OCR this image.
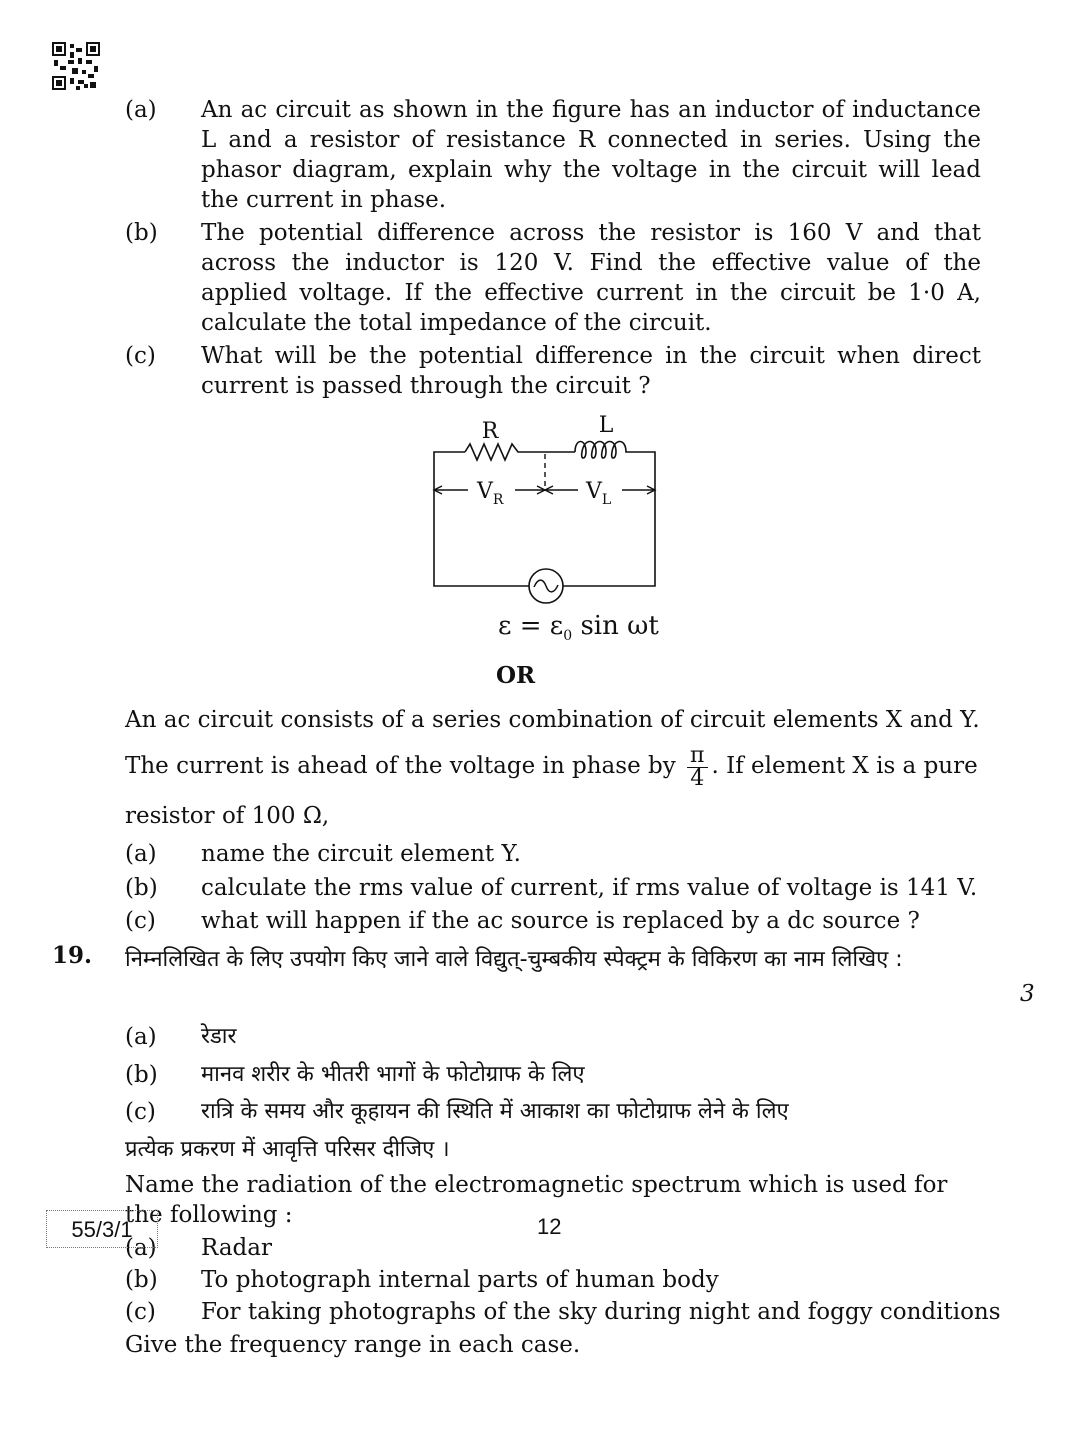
(a)	An ac circuit as shown in the figure has an inductor of inductance L and a resistor of resistance R connected in series. Using the phasor diagram, explain why the voltage in the circuit will lead the current in phase.
(b)	The potential difference across the resistor is 160 V and that across the inductor is 120 V. Find the effective value of the applied voltage. If the effective current in the circuit be 1·0 A, calculate the total impedance of the circuit.
(c)	What will be the potential difference in the circuit when direct current is passed through the circuit ?
R	L
$V_R$	$V_L$
$\varepsilon = \varepsilon_0$ sin ωt
OR
An ac circuit consists of a series combination of circuit elements X and Y.
The current is ahead of the voltage in phase by $\frac{\pi}{4}$ . If element X is a pure
resistor of 100 Ω,
(a)	name the circuit element Y.
(b)	calculate the rms value of current, if rms value of voltage is 141 V.
(c)	what will happen if the ac source is replaced by a dc source ?
19.
3
निम्नलिखित के लिए उपयोग किए जाने वाले विद्युत्-चुम्बकीय स्पेक्ट्रम के विकिरण का नाम लिखिए :
(a)	रेडार
(b)	मानव शरीर के भीतरी भागों के फोटोग्राफ के लिए
(c)	रात्रि के समय और कूहायन की स्थिति में आकाश का फोटोग्राफ लेने के लिए
प्रत्येक प्रकरण में आवृत्ति परिसर दीजिए ।
Name the radiation of the electromagnetic spectrum which is used for the following :
(a)	Radar
(b)	To photograph internal parts of human body
(c)	For taking photographs of the sky during night and foggy conditions
Give the frequency range in each case.
55/3/1	12
